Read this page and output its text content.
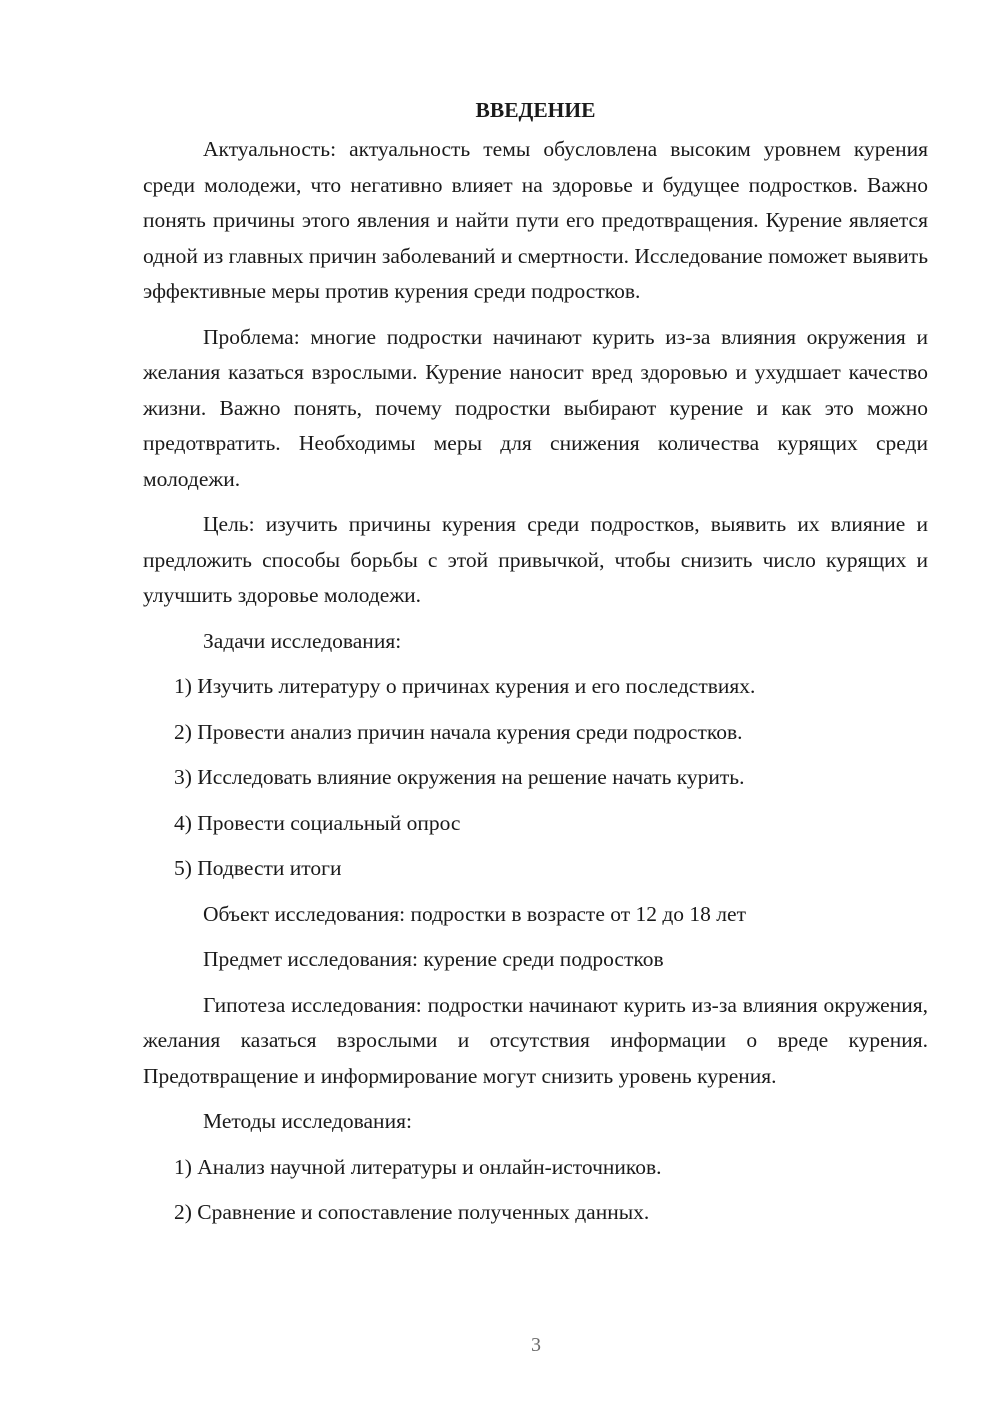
ВВЕДЕНИЕ

Актуальность: актуальность темы обусловлена высоким уровнем курения среди молодежи, что негативно влияет на здоровье и будущее подростков. Важно понять причины этого явления и найти пути его предотвращения. Курение является одной из главных причин заболеваний и смертности. Исследование поможет выявить эффективные меры против курения среди подростков.

Проблема: многие подростки начинают курить из-за влияния окружения и желания казаться взрослыми. Курение наносит вред здоровью и ухудшает качество жизни. Важно понять, почему подростки выбирают курение и как это можно предотвратить. Необходимы меры для снижения количества курящих среди молодежи.

Цель: изучить причины курения среди подростков, выявить их влияние и предложить способы борьбы с этой привычкой, чтобы снизить число курящих и улучшить здоровье молодежи.

Задачи исследования:
1) Изучить литературу о причинах курения и его последствиях.
2) Провести анализ причин начала курения среди подростков.
3) Исследовать влияние окружения на решение начать курить.
4) Провести социальный опрос
5) Подвести итоги
Объект исследования: подростки в возрасте от 12 до 18 лет
Предмет исследования: курение среди подростков

Гипотеза исследования: подростки начинают курить из-за влияния окружения, желания казаться взрослыми и отсутствия информации о вреде курения. Предотвращение и информирование могут снизить уровень курения.

Методы исследования:
1) Анализ научной литературы и онлайн-источников.
2) Сравнение и сопоставление полученных данных.
3
